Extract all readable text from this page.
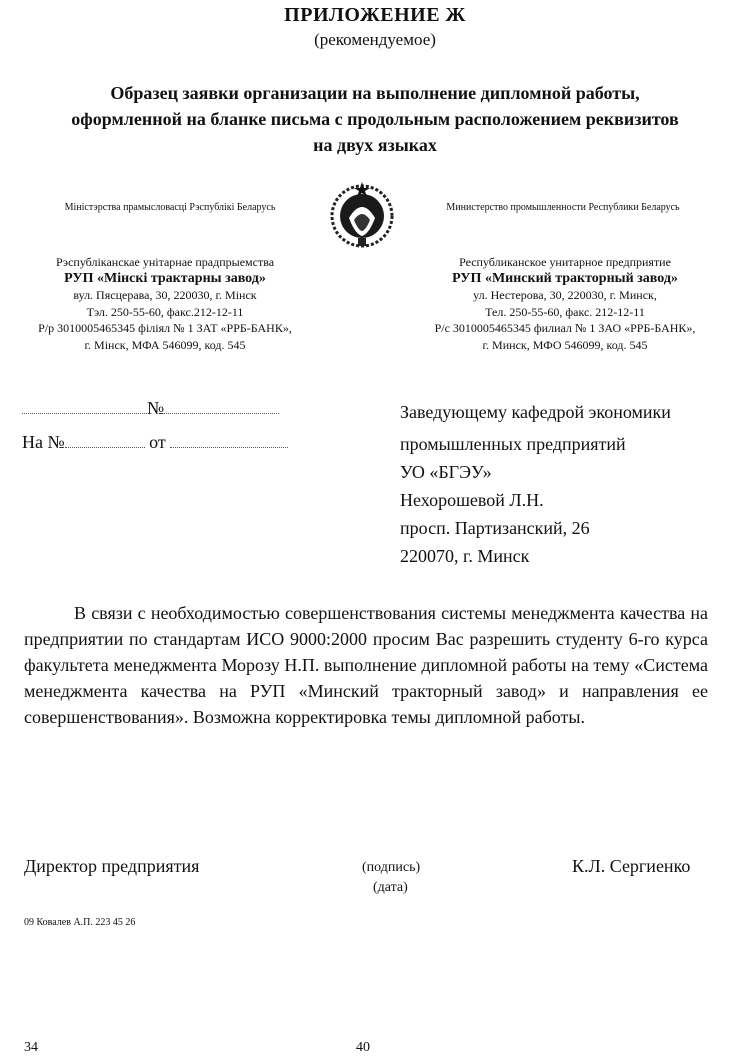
ПРИЛОЖЕНИЕ Ж
(рекомендуемое)
Образец заявки организации на выполнение дипломной работы,
оформленной на бланке письма с продольным расположением реквизитов
на двух языках
Міністэрства прамысловасці Рэспублікі Беларусь	Министерство промышленности Республики Беларусь
Рэспубліканскае унітарнае прадпрыемства
РУП «Мінскі трактарны завод»
вул. Пясцерава, 30, 220030, г. Мінск
Тэл. 250-55-60, факс.212-12-11
Р/р 3010005465345 філіял № 1 ЗАТ «РРБ-БАНК»,
г. Мінск, МФА 546099, код. 545
Республиканское унитарное предприятие
РУП «Минский тракторный завод»
ул. Нестерова, 30, 220030, г. Минск,
Тел. 250-55-60, факс. 212-12-11
Р/с 3010005465345 филиал № 1 ЗАО «РРБ-БАНК»,
г. Минск, МФО 546099, код. 545
№
На №	от
Заведующему кафедрой экономики
промышленных предприятий
УО «БГЭУ»
Нехорошевой Л.Н.
просп. Партизанский, 26
220070, г. Минск
В связи с необходимостью совершенствования системы менеджмента качества на предприятии по стандартам ИСО 9000:2000 просим Вас разрешить студенту 6-го курса факультета менеджмента Морозу Н.П. выполнение дипломной работы на тему «Система менеджмента качества на РУП «Минский тракторный завод» и направления ее совершенствования». Возможна корректировка темы дипломной работы.
Директор предприятия	(подпись)
(дата)
К.Л. Сергиенко
09 Ковалев А.П. 223 45 26
34	40
